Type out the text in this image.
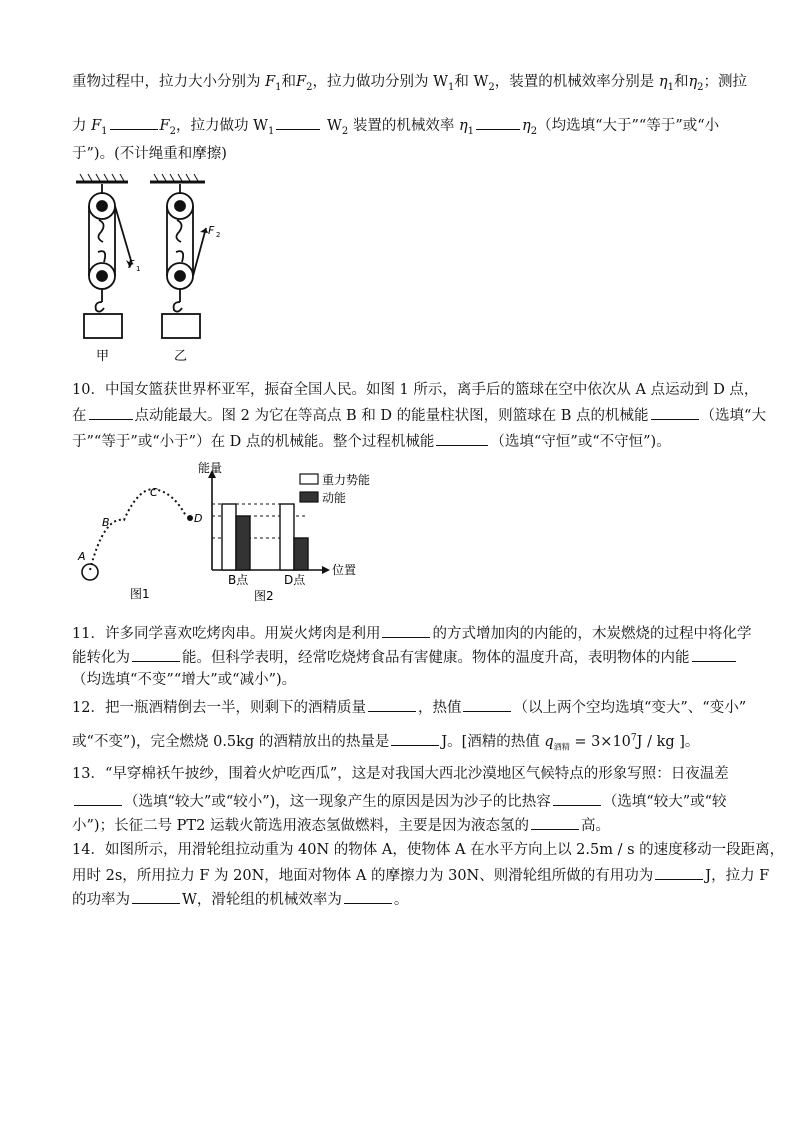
重物过程中，拉力大小分别为 $F_1$和$F_2$，拉力做功分别为 $W_1$和 $W_2$，装置的机械效率分别是 $\eta_1$和$\eta_2$；测拉
力 $F_1$	$F_2$，拉力做功 $W_1$	$W_2$ 装置的机械效率 $\eta_1$	$\eta_2$（均选填“大于”“等于”或“小
于”)。(不计绳重和摩擦)
F 1
F 2
甲	乙
10．中国女篮获世界杯亚军，振奋全国人民。如图 1 所示，离手后的篮球在空中依次从 A 点运动到 D 点，
在	点动能最大。图 2 为它在等高点 B 和 D 的能量柱状图，则篮球在 B 点的机械能	（选填“大
于”“等于”或“小于”）在 D 点的机械能。整个过程机械能	（选填“守恒”或“不守恒”)。
A
B
C
D
图1
能量
位置
重力势能
动能
B点	D点
图2
11．许多同学喜欢吃烤肉串。用炭火烤肉是利用	的方式增加肉的内能的，木炭燃烧的过程中将化学
能转化为	能。但科学表明，经常吃烧烤食品有害健康。物体的温度升高，表明物体的内能
（均选填“不变”“增大”或“减小”)。
12．把一瓶酒精倒去一半，则剩下的酒精质量	，热值	（以上两个空均选填“变大”、“变小”
或“不变”)，完全燃烧 0.5kg 的酒精放出的热量是	J。[酒精的热值 $q_{酒精} = 3\times 10^7J$ / kg ]。
13．“早穿棉袄午披纱，围着火炉吃西瓜”，这是对我国大西北沙漠地区气候特点的形象写照：日夜温差
（选填“较大”或“较小”)，这一现象产生的原因是因为沙子的比热容	（选填“较大”或“较
小”)；长征二号 PT2 运载火箭选用液态氢做燃料，主要是因为液态氢的	高。
14．如图所示，用滑轮组拉动重为 40N 的物体 A，使物体 A 在水平方向上以 2.5m / s 的速度移动一段距离，
用时 2s，所用拉力 F 为 20N，地面对物体 A 的摩擦力为 30N、则滑轮组所做的有用功为	J，拉力 F
的功率为	W，滑轮组的机械效率为	。
